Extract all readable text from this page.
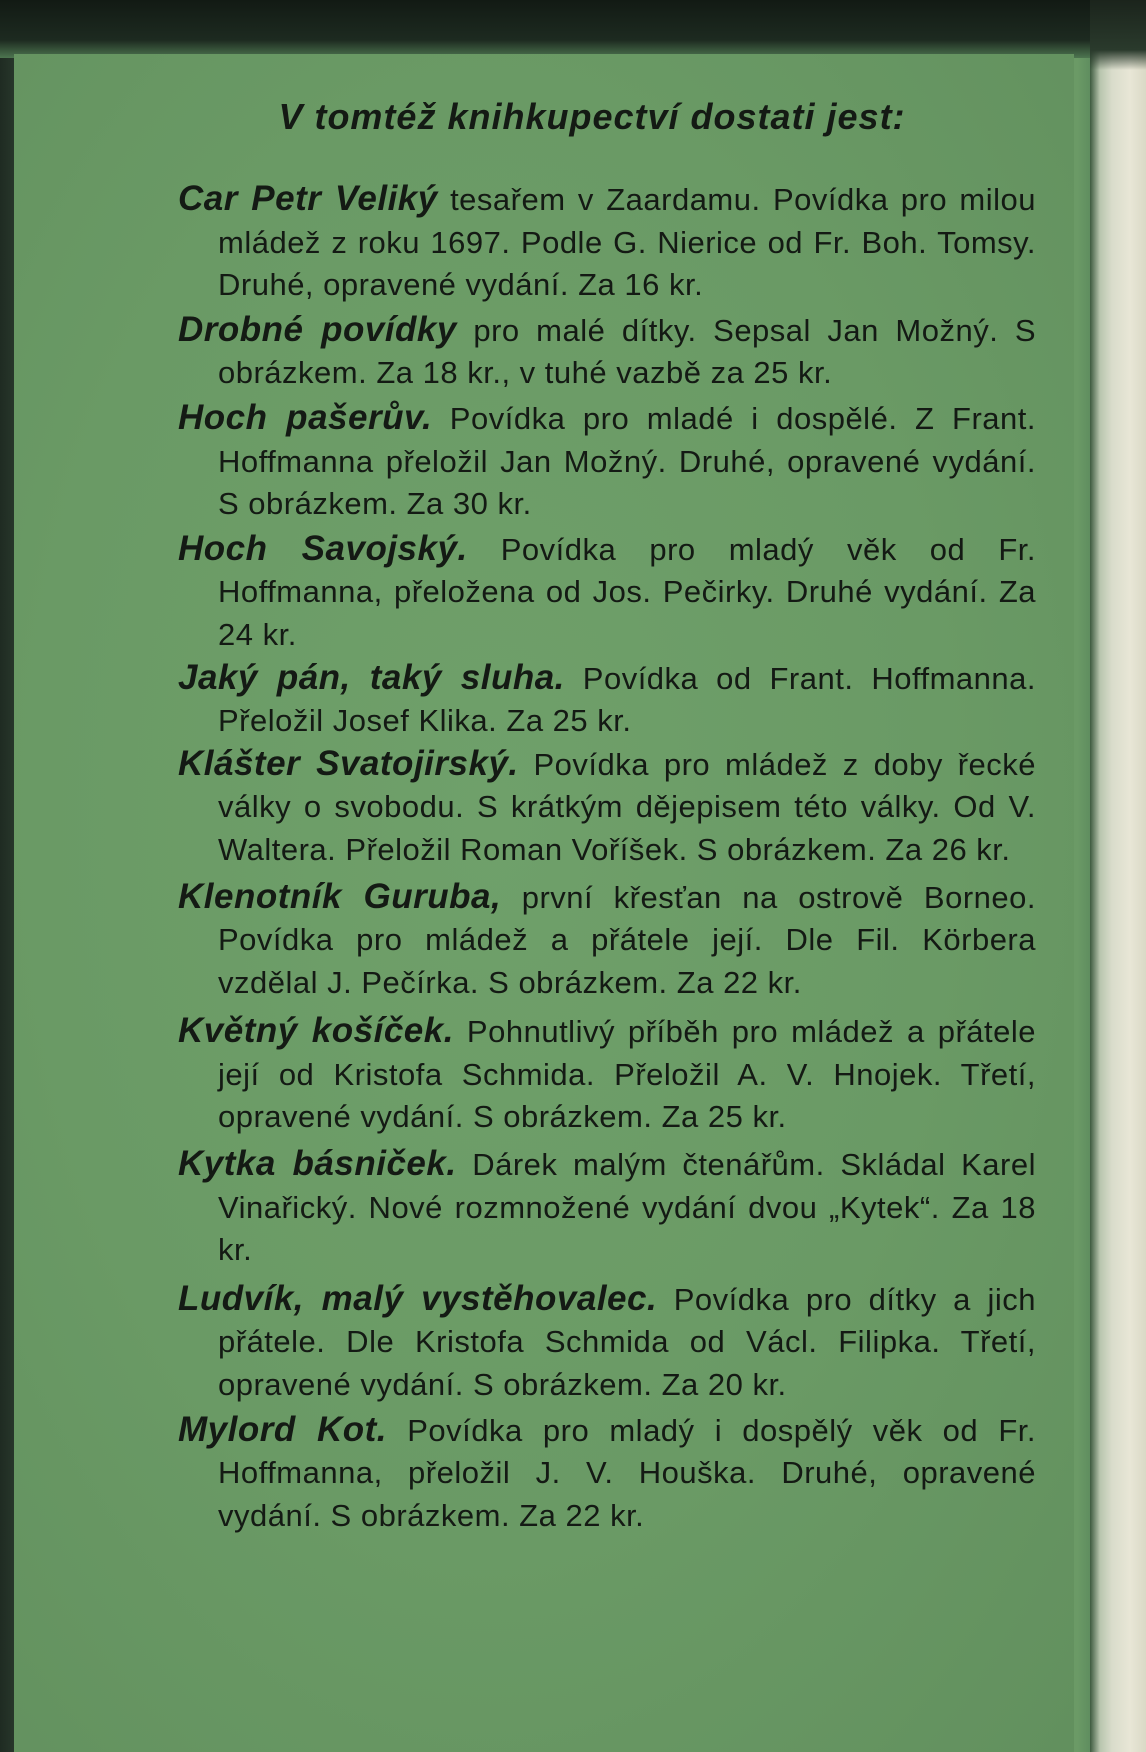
V tomtéž knihkupectví dostati jest:

Car Petr Veliký tesařem v Zaardamu. Povídka pro milou mládež z roku 1697. Podle G. Nierice od Fr. Boh. Tomsy. Druhé, opravené vydání. Za 16 kr.

Drobné povídky pro malé dítky. Sepsal Jan Možný. S obrázkem. Za 18 kr., v tuhé vazbě za 25 kr.

Hoch pašerův. Povídka pro mladé i dospělé. Z Frant. Hoffmanna přeložil Jan Možný. Druhé, opravené vydání. S obrázkem. Za 30 kr.

Hoch Savojský. Povídka pro mladý věk od Fr. Hoffmanna, přeložena od Jos. Pečirky. Druhé vydání. Za 24 kr.

Jaký pán, taký sluha. Povídka od Frant. Hoffmanna. Přeložil Josef Klika. Za 25 kr.

Klášter Svatojirský. Povídka pro mládež z doby řecké války o svobodu. S krátkým dějepisem této války. Od V. Waltera. Přeložil Roman Voříšek. S obrázkem. Za 26 kr.

Klenotník Guruba, první křesťan na ostrově Borneo. Povídka pro mládež a přátele její. Dle Fil. Körbera vzdělal J. Pečírka. S obrázkem. Za 22 kr.

Květný košíček. Pohnutlivý příběh pro mládež a přátele její od Kristofa Schmida. Přeložil A. V. Hnojek. Třetí, opravené vydání. S obrázkem. Za 25 kr.

Kytka básniček. Dárek malým čtenářům. Skládal Karel Vinařický. Nové rozmnožené vydání dvou „Kytek“. Za 18 kr.

Ludvík, malý vystěhovalec. Povídka pro dítky a jich přátele. Dle Kristofa Schmida od Václ. Filipka. Třetí, opravené vydání. S obrázkem. Za 20 kr.

Mylord Kot. Povídka pro mladý i dospělý věk od Fr. Hoffmanna, přeložil J. V. Houška. Druhé, opravené vydání. S obrázkem. Za 22 kr.
